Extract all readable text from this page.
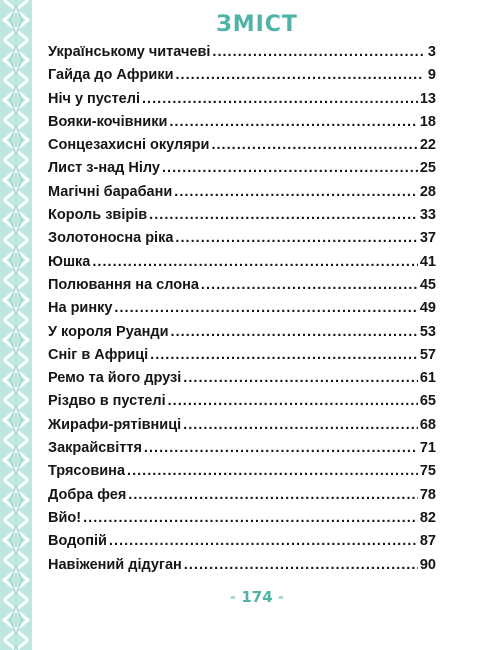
ЗМІСТ
Українському читачеві . . .	3
Гайда до Африки . . .	9
Ніч у пустелі . . .	13
Вояки-кочівники . . .	18
Сонцезахисні окуляри . . .	22
Лист з-над Нілу . . .	25
Магічні барабани . . .	28
Король звірів . . .	33
Золотоносна ріка . . .	37
Юшка . . .	41
Полювання на слона . . .	45
На ринку . . .	49
У короля Руанди . . .	53
Сніг в Африці . . .	57
Ремо та його друзі . . .	61
Різдво в пустелі . . .	65
Жирафи-рятівниці . . .	68
Закрайсвіття . . .	71
Трясовина . . .	75
Добра фея . . .	78
Вйо! . . .	82
Водопій . . .	87
Навіжений дідуган . . .	90
- 174 -
